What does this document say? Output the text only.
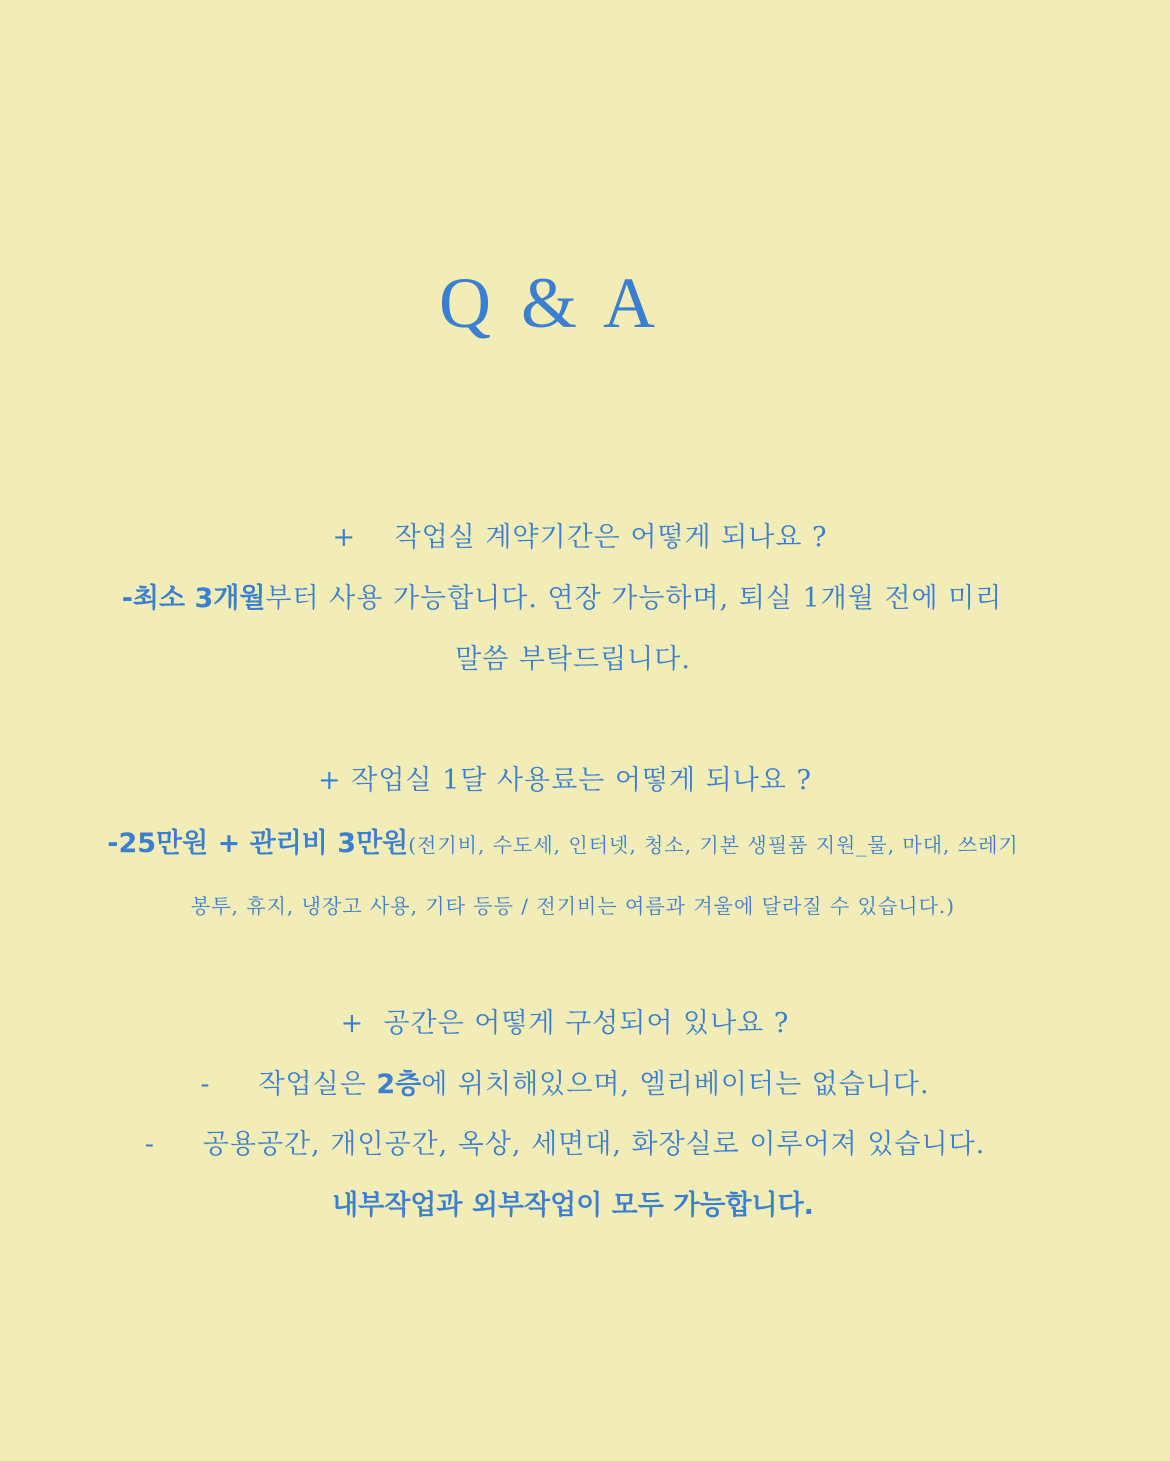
Q & A
+    작업실 계약기간은 어떻게 되나요 ?
-최소 3개월부터 사용 가능합니다. 연장 가능하며, 퇴실 1개월 전에 미리
말씀 부탁드립니다.
+ 작업실 1달 사용료는 어떻게 되나요 ?
-25만원 + 관리비 3만원(전기비, 수도세, 인터넷, 청소, 기본 생필품 지원_물, 마대, 쓰레기
봉투, 휴지, 냉장고 사용, 기타 등등 / 전기비는 여름과 겨울에 달라질 수 있습니다.)
+  공간은 어떻게 구성되어 있나요 ?
-     작업실은 2층에 위치해있으며, 엘리베이터는 없습니다.
-     공용공간, 개인공간, 옥상, 세면대, 화장실로 이루어져 있습니다.
내부작업과 외부작업이 모두 가능합니다.
